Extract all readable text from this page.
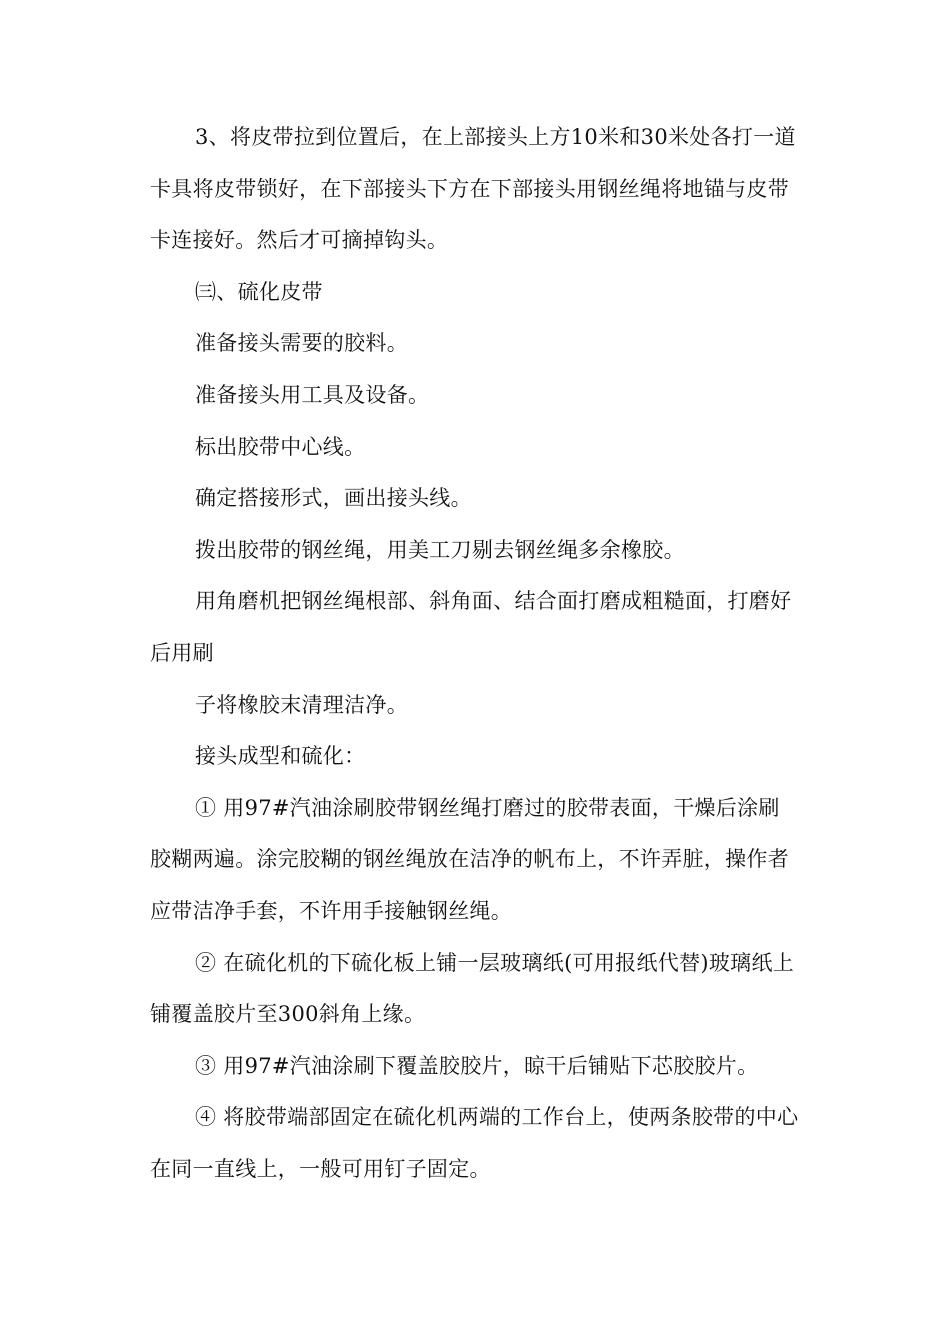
3、将皮带拉到位置后，在上部接头上方10米和30米处各打一道卡具将皮带锁好，在下部接头下方在下部接头用钢丝绳将地锚与皮带卡连接好。然后才可摘掉钩头。

㈢、硫化皮带

准备接头需要的胶料。

准备接头用工具及设备。

标出胶带中心线。

确定搭接形式，画出接头线。

拨出胶带的钢丝绳，用美工刀剔去钢丝绳多余橡胶。

用角磨机把钢丝绳根部、斜角面、结合面打磨成粗糙面，打磨好后用刷

子将橡胶末清理洁净。

接头成型和硫化：

① 用97#汽油涂刷胶带钢丝绳打磨过的胶带表面，干燥后涂刷胶糊两遍。涂完胶糊的钢丝绳放在洁净的帆布上，不许弄脏，操作者应带洁净手套，不许用手接触钢丝绳。

② 在硫化机的下硫化板上铺一层玻璃纸(可用报纸代替)玻璃纸上铺覆盖胶片至300斜角上缘。

③ 用97#汽油涂刷下覆盖胶胶片，晾干后铺贴下芯胶胶片。

④ 将胶带端部固定在硫化机两端的工作台上，使两条胶带的中心在同一直线上，一般可用钉子固定。
